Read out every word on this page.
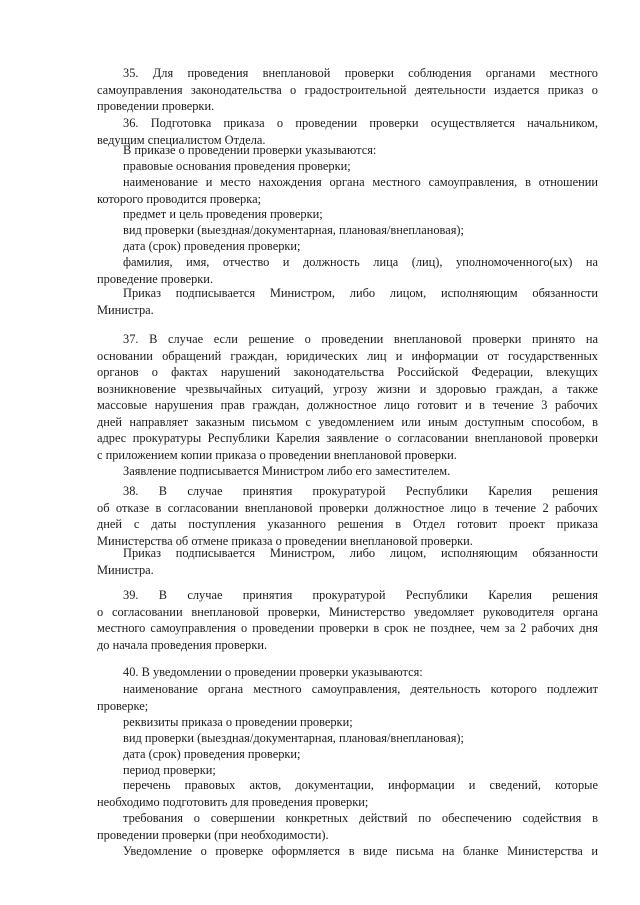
35. Для проведения внеплановой проверки соблюдения органами местного
самоуправления законодательства о градостроительной деятельности издается приказ о
проведении проверки.
36. Подготовка приказа о проведении проверки осуществляется начальником,
ведущим специалистом Отдела.
В приказе о проведении проверки указываются:
правовые основания проведения проверки;
наименование и место нахождения органа местного самоуправления, в отношении
которого проводится проверка;
предмет и цель проведения проверки;
вид проверки (выездная/документарная, плановая/внеплановая);
дата (срок) проведения проверки;
фамилия, имя, отчество и должность лица (лиц), уполномоченного(ых) на
проведение проверки.
Приказ подписывается Министром, либо лицом, исполняющим обязанности
Министра.
37. В случае если решение о проведении внеплановой проверки принято на
основании обращений граждан, юридических лиц и информации от государственных
органов о фактах нарушений законодательства Российской Федерации, влекущих
возникновение чрезвычайных ситуаций, угрозу жизни и здоровью граждан, а также
массовые нарушения прав граждан, должностное лицо готовит и в течение 3 рабочих
дней направляет заказным письмом с уведомлением или иным доступным способом, в
адрес прокуратуры Республики Карелия заявление о согласовании внеплановой проверки
с приложением копии приказа о проведении внеплановой проверки.
Заявление подписывается Министром либо его заместителем.
38. В случае принятия прокуратурой Республики Карелия решения
об отказе в согласовании внеплановой проверки должностное лицо в течение 2 рабочих
дней с даты поступления указанного решения в Отдел готовит проект приказа
Министерства об отмене приказа о проведении внеплановой проверки.
Приказ подписывается Министром, либо лицом, исполняющим обязанности
Министра.
39. В случае принятия прокуратурой Республики Карелия решения
о согласовании внеплановой проверки, Министерство уведомляет руководителя органа
местного самоуправления о проведении проверки в срок не позднее, чем за 2 рабочих дня
до начала проведения проверки.
40. В уведомлении о проведении проверки указываются:
наименование органа местного самоуправления, деятельность которого подлежит
проверке;
реквизиты приказа о проведении проверки;
вид проверки (выездная/документарная, плановая/внеплановая);
дата (срок) проведения проверки;
период проверки;
перечень правовых актов, документации, информации и сведений, которые
необходимо подготовить для проведения проверки;
требования о совершении конкретных действий по обеспечению содействия в
проведении проверки (при необходимости).
Уведомление о проверке оформляется в виде письма на бланке Министерства и
